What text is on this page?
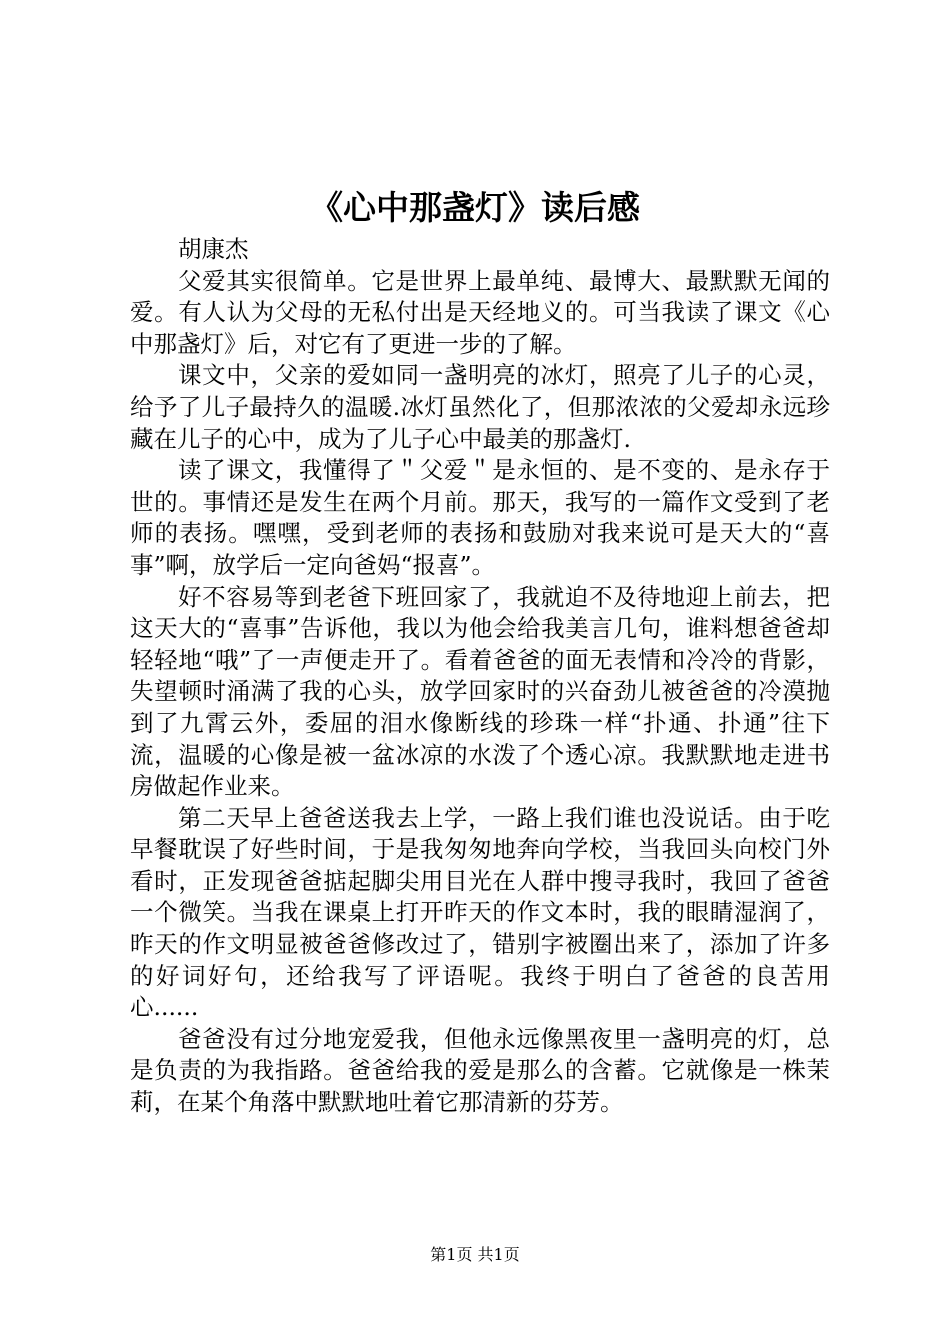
《心中那盏灯》读后感

胡康杰

父爱其实很简单。它是世界上最单纯、最博大、最默默无闻的爱。有人认为父母的无私付出是天经地义的。可当我读了课文《心中那盏灯》后，对它有了更进一步的了解。

课文中，父亲的爱如同一盏明亮的冰灯，照亮了儿子的心灵，给予了儿子最持久的温暖.冰灯虽然化了，但那浓浓的父爱却永远珍藏在儿子的心中，成为了儿子心中最美的那盏灯.

读了课文，我懂得了＂父爱＂是永恒的、是不变的、是永存于世的。事情还是发生在两个月前。那天，我写的一篇作文受到了老师的表扬。嘿嘿，受到老师的表扬和鼓励对我来说可是天大的“喜事”啊，放学后一定向爸妈“报喜”。

好不容易等到老爸下班回家了，我就迫不及待地迎上前去，把这天大的“喜事”告诉他，我以为他会给我美言几句，谁料想爸爸却轻轻地“哦”了一声便走开了。看着爸爸的面无表情和冷冷的背影，失望顿时涌满了我的心头，放学回家时的兴奋劲儿被爸爸的冷漠抛到了九霄云外，委屈的泪水像断线的珍珠一样“扑通、扑通”往下流，温暖的心像是被一盆冰凉的水泼了个透心凉。我默默地走进书房做起作业来。

第二天早上爸爸送我去上学，一路上我们谁也没说话。由于吃早餐耽误了好些时间，于是我匆匆地奔向学校，当我回头向校门外看时，正发现爸爸掂起脚尖用目光在人群中搜寻我时，我回了爸爸一个微笑。当我在课桌上打开昨天的作文本时，我的眼睛湿润了，昨天的作文明显被爸爸修改过了，错别字被圈出来了，添加了许多的好词好句，还给我写了评语呢。我终于明白了爸爸的良苦用心......

爸爸没有过分地宠爱我，但他永远像黑夜里一盏明亮的灯，总是负责的为我指路。爸爸给我的爱是那么的含蓄。它就像是一株茉莉，在某个角落中默默地吐着它那清新的芬芳。

第1页 共1页
